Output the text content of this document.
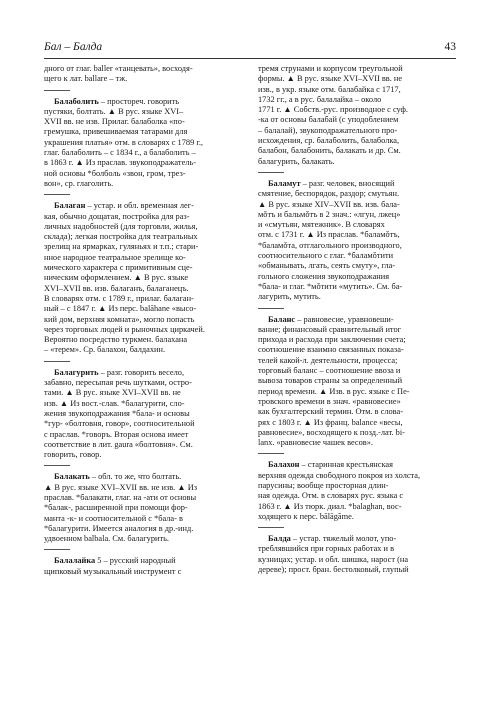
Бал – Балда	43
дного от глаг. baller «танцевать», восходя-
щего к лат. ballare – тж.
Балаболить – простореч. говорить
пустяки, болтать. ▲ В рус. языке XVI–
XVII вв. не изв. Прилаг. балаболка «по-
гремушка, привешиваемая татарами для
украшения платья» отм. в словарях с 1789 г.,
глаг. балаболить – с 1834 г., а балаболить –
в 1863 г. ▲ Из праслав. звукоподражатель-
ной основы *болболь «звон, гром, трез-
вон», ср. глаголить.
Балаган – устар. и обл. временная лег-
кая, обычно дощатая, постройка для раз-
личных надобностей (для торговли, жилья,
склада); легкая постройка для театральных
зрелищ на ярмарках, гуляньях и т.п.; стари-
нное народное театральное зрелище ко-
мического характера с примитивным сце-
ническим оформлением. ▲ В рус. языке
XVI–XVII вв. изв. балаганъ, балаганецъ.
В словарях отм. с 1789 г., прилаг. балаган-
ный – с 1847 г. ▲ Из перс. balāhane «высо-
кий дом, верхняя комната», могло попасть
через торговых людей и рыночных циркачей.
Вероятно посредство туркмен. балахана
– «терем». Ср. балахон, балдахин.
Балагурить – разг. говорить весело,
забавно, пересыпая речь шутками, остро-
тами. ▲ В рус. языке XVI–XVII вв. не
изв. ▲ Из вост.-слав. *балагурити, сло-
жения звукоподражания *бала- и основы
*гур- «болтовня, говор», соотносительной
с праслав. *говоръ. Вторая основа имеет
соответствие в лит. gaura «болтовня». См.
говорить, говор.
Балакать – обл. то же, что болтать.
▲ В рус. языке XVI–XVII вв. не изв. ▲ Из
праслав. *балакати, глаг. на -ати от основы
*балак-, расширенной при помощи фор-
манта -к- и соотносительной с *бала- в
*балагурити. Имеется аналогия в др.-инд.
удвоенном balbala. См. балагурить.
Балалайка 5 – русский народный
щипковый музыкальный инструмент с
тремя струнами и корпусом треугольной
формы. ▲ В рус. языке XVI–XVII вв. не
изв., в укр. языке отм. балабайка с 1717,
1732 гг., а в рус. балалайка – около
1771 г. ▲ Собств.-рус. производное с суф.
-ка от основы балабай (с уподоблением
– балалай), звукоподражательного про-
исхождения, ср. балаболить, балаболка,
балабон, балабонить, балакать и др. См.
балагурить, балакать.
Баламут – разг. человек, вносящий
смятение, беспорядок, раздор; смутьян.
▲ В рус. языке XIV–XVII вв. изв. бала-
мǒтъ и бальмǒтъ в 2 знач.: «лгун, лжец»
и «смутьян, мятежник». В словарях
отм. с 1731 г. ▲ Из праслав. *баламǒтъ,
*баламǒта, отглагольного производного,
соотносительного с глаг. *баламǒтити
«обманывать, лгать, сеять смуту», гла-
гольного сложения звукоподражания
*бала- и глаг. *мǒтити «мутить». См. ба-
лагурить, мутить.
Баланс – равновесие, уравновеши-
вание; финансовый сравнительный итог
прихода и расхода при заключении счета;
соотношение взаимно связанных показа-
телей какой-л. деятельности, процесса;
торговый баланс – соотношение ввоза и
вывоза товаров страны за определенный
период времени. ▲ Изв. в рус. языке с Пе-
тровского времени в знач. «равновесие»
как бухгалтерский термин. Отм. в слова-
рях с 1803 г. ▲ Из франц. balance «весы,
равновесие», восходящего к позд.-лат. bi-
lanx. «равновесие чашек весов».
Балахон – старинная крестьянская
верхняя одежда свободного покроя из холста,
парусины; вообще просторная длин-
ная одежда. Отм. в словарях рус. языка с
1863 г. ▲ Из тюрк. диал. *balaghan, вос-
ходящего к перс. bālāgāme.
Балда – устар. тяжелый молот, упо-
треблявшийся при горных работах и в
кузницах; устар. и обл. шишка, нарост (на
дереве); прост. бран. бестолковый, глупый
